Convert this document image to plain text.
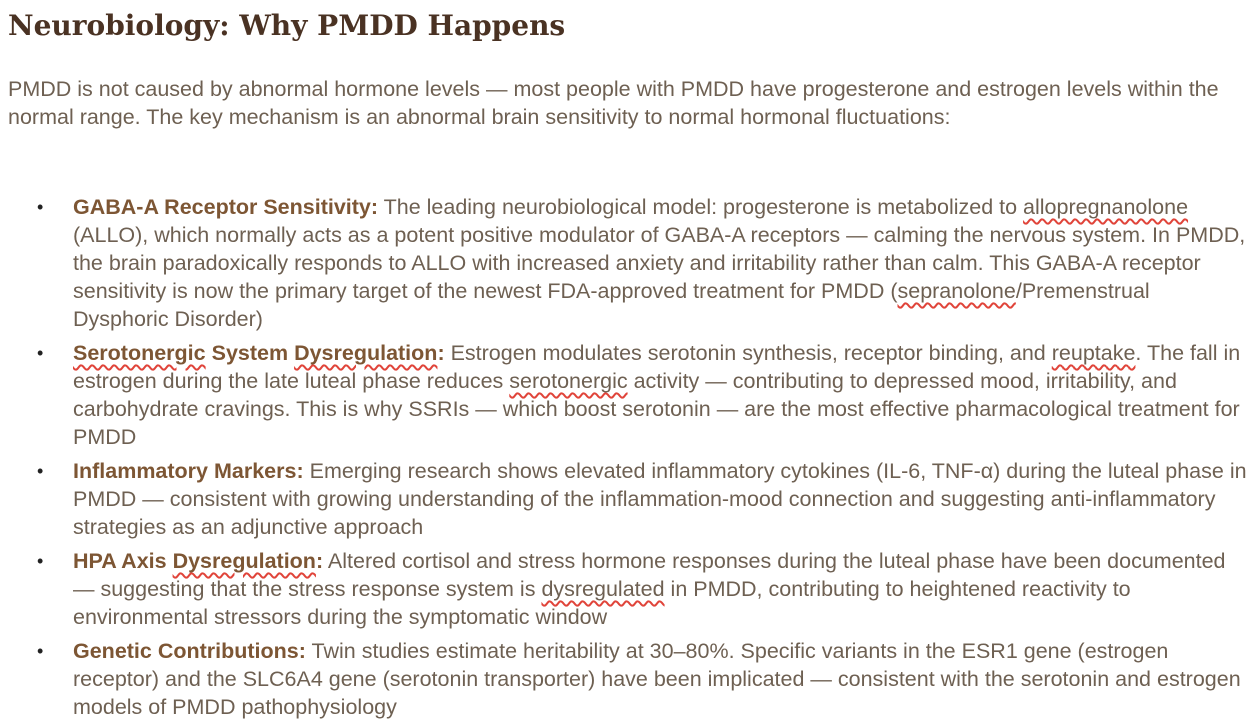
Neurobiology: Why PMDD Happens

PMDD is not caused by abnormal hormone levels — most people with PMDD have progesterone and estrogen levels within the normal range. The key mechanism is an abnormal brain sensitivity to normal hormonal fluctuations:

• GABA-A Receptor Sensitivity: The leading neurobiological model: progesterone is metabolized to allopregnanolone (ALLO), which normally acts as a potent positive modulator of GABA-A receptors — calming the nervous system. In PMDD, the brain paradoxically responds to ALLO with increased anxiety and irritability rather than calm. This GABA-A receptor sensitivity is now the primary target of the newest FDA-approved treatment for PMDD (sepranolone/Premenstrual Dysphoric Disorder)
• Serotonergic System Dysregulation: Estrogen modulates serotonin synthesis, receptor binding, and reuptake. The fall in estrogen during the late luteal phase reduces serotonergic activity — contributing to depressed mood, irritability, and carbohydrate cravings. This is why SSRIs — which boost serotonin — are the most effective pharmacological treatment for PMDD
• Inflammatory Markers: Emerging research shows elevated inflammatory cytokines (IL-6, TNF-α) during the luteal phase in PMDD — consistent with growing understanding of the inflammation-mood connection and suggesting anti-inflammatory strategies as an adjunctive approach
• HPA Axis Dysregulation: Altered cortisol and stress hormone responses during the luteal phase have been documented — suggesting that the stress response system is dysregulated in PMDD, contributing to heightened reactivity to environmental stressors during the symptomatic window
• Genetic Contributions: Twin studies estimate heritability at 30–80%. Specific variants in the ESR1 gene (estrogen receptor) and the SLC6A4 gene (serotonin transporter) have been implicated — consistent with the serotonin and estrogen models of PMDD pathophysiology
